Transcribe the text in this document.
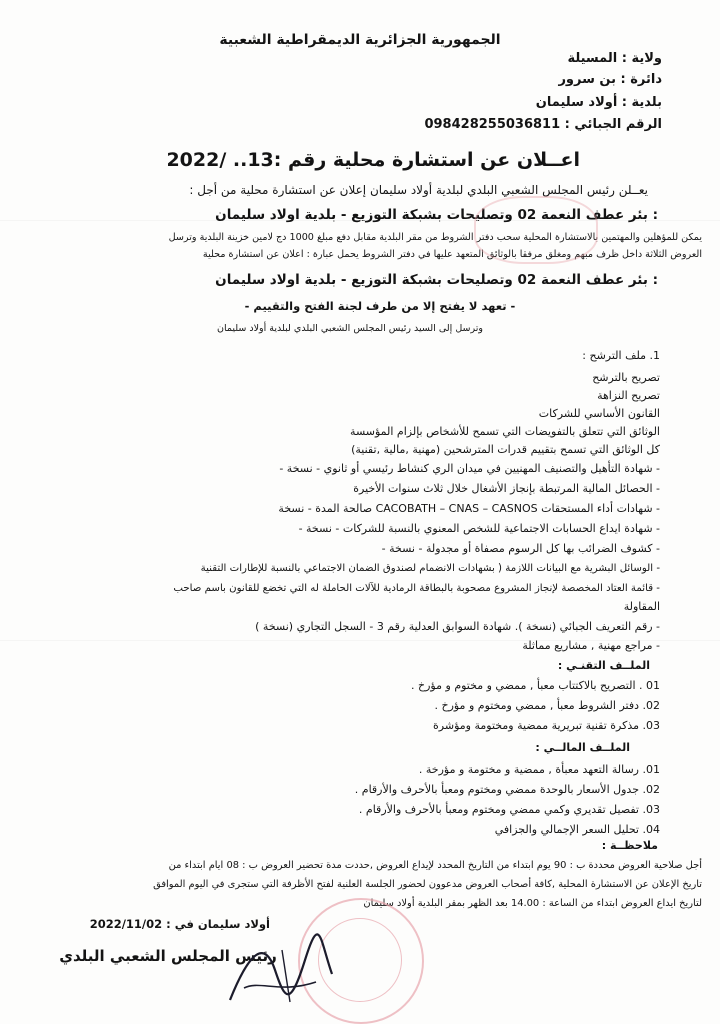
الجمهورية الجزائرية الديمقراطية الشعبية
ولاية : المسيلة
دائرة : بن سرور
بلدية : أولاد سليمان
الرقم الجبائي : 09842825503681‌1
اعــلان عن استشارة محلية رقم :13.. /2022
يعــلن رئيس المجلس الشعبي البلدي لبلدية أولاد سليمان إعلان عن استشارة محلية من أجل :
: بئر عطف النعمة 02 وتصليحات بشبكة التوزيع - بلدية اولاد سليمان
يمكن للمؤهلين والمهتمين بالاستشارة المحلية سحب دفتر الشروط من مقر البلدية مقابل دفع مبلغ 1000 دج لامين خزينة البلدية وترسل
العروض الثلاثة داخل ظرف مبهم ومغلق مرفقا بالوثائق المتعهد عليها في دفتر الشروط يحمل عبارة : اعلان عن استشارة محلية
: بئر عطف النعمة 02 وتصليحات بشبكة التوزيع - بلدية اولاد سليمان
- تعهد لا يفتح إلا من طرف لجنة الفتح والتقييم -
وترسل إلى السيد رئيس المجلس الشعبي البلدي لبلدية أولاد سليمان
1. ملف الترشح :
تصريح بالترشح
تصريح النزاهة
القانون الأساسي للشركات
الوثائق التي تتعلق بالتفويضات التي تسمح للأشخاص بإلزام المؤسسة
كل الوثائق التي تسمح بتقييم قدرات المترشحين (مهنية ,مالية ,تقنية)
- شهادة التأهيل والتصنيف المهنيين في ميدان الري كنشاط رئيسي أو ثانوي - نسخة -
- الحصائل المالية المرتبطة بإنجاز الأشغال خلال ثلاث سنوات الأخيرة
- شهادات أداء المستحقات CACOBATH – CNAS – CASNOS صالحة المدة - نسخة
- شهادة ايداع الحسابات الاجتماعية للشخص المعنوي بالنسبة للشركات - نسخة -
- كشوف الضرائب بها كل الرسوم مصفاة أو مجدولة - نسخة -
- الوسائل البشرية مع البيانات اللازمة ( بشهادات الانضمام لصندوق الضمان الاجتماعي بالنسبة للإطارات التقنية
- قائمة العتاد المخصصة لإنجاز المشروع مصحوبة بالبطاقة الرمادية للآلات الحاملة له التي تخضع للقانون باسم صاحب
المقاولة
- رقم التعريف الجبائي (نسخة ). شهادة السوابق العدلية رقم 3 - السجل التجاري (نسخة )
- مراجع مهنية , مشاريع مماثلة
الملــف التقنـي :
01 . التصريح بالاكتتاب معبأ , ممضي و مختوم و مؤرخ .
02. دفتر الشروط معبأ , ممضي ومختوم و مؤرخ .
03. مذكرة تقنية تبريرية ممضية ومختومة ومؤشرة
الملــف المالــي :
01. رسالة التعهد معبأة , ممضية و مختومة و مؤرخة .
02. جدول الأسعار بالوحدة ممضي ومختوم ومعبأ بالأحرف والأرقام .
03. تفصيل تقديري وكمي ممضي ومختوم ومعبأ بالأحرف والأرقام .
04. تحليل السعر الإجمالي والجزافي
ملاحظــة :
أجل صلاحية العروض محددة ب : 90 يوم ابتداء من التاريخ المحدد لإيداع العروض ,حددت مدة تحضير العروض ب : 08 ايام ابتداء من
تاريخ الإعلان عن الاستشارة المحلية ,كافة أصحاب العروض مدعوون لحضور الجلسة العلنية لفتح الأظرفة التي ستجرى في اليوم الموافق
لتاريخ ايداع العروض ابتداء من الساعة : 14.00 بعد الظهر بمقر البلدية أولاد سليمان
أولاد سليمان في : 2022/11/02
رئيس المجلس الشعبي البلدي
